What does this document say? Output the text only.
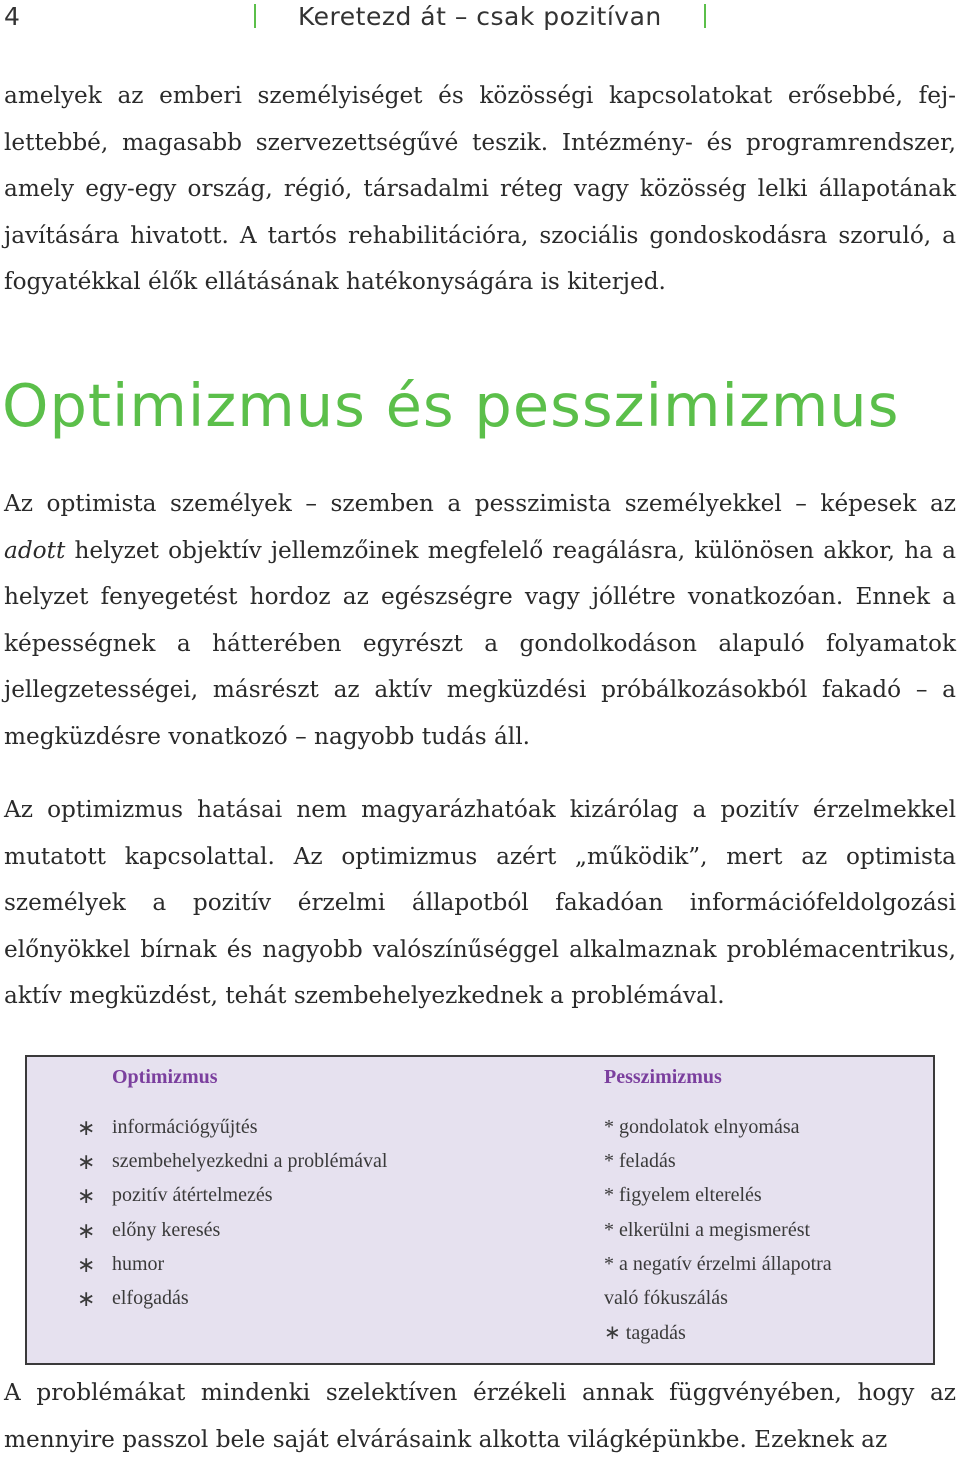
4	Keretezd át – csak pozitívan

amelyek az emberi személyiséget és közösségi kapcsolatokat erősebbé, fejlettebbé, magasabb szervezettségűvé teszik. Intézmény- és programrendszer, amely egy-egy ország, régió, társadalmi réteg vagy közösség lelki állapotának javítására hivatott. A tartós rehabilitációra, szociális gondoskodásra szoruló, a fogyatékkal élők ellátásának hatékonyságára is kiterjed.

Optimizmus és pesszimizmus

Az optimista személyek – szemben a pesszimista személyekkel – képesek az adott helyzet objektív jellemzőinek megfelelő reagálásra, különösen akkor, ha a helyzet fenyegetést hordoz az egészségre vagy jóllétre vonatkozóan. Ennek a képességnek a hátterében egyrészt a gondolkodáson alapuló folyamatok jellegzetességei, másrészt az aktív megküzdési próbálkozásokból fakadó – a megküzdésre vonatkozó – nagyobb tudás áll.

Az optimizmus hatásai nem magyarázhatóak kizárólag a pozitív érzelmekkel mutatott kapcsolattal. Az optimizmus azért „működik”, mert az optimista személyek a pozitív érzelmi állapotból fakadóan információfeldolgozási előnyökkel bírnak és nagyobb valószínűséggel alkalmaznak problémacentrikus, aktív megküzdést, tehát szembehelyezkednek a problémával.

Optimizmus
∗ információgyűjtés
∗ szembehelyezkedni a problémával
∗ pozitív átértelmezés
∗ előny keresés
∗ humor
∗ elfogadás
Pesszimizmus
* gondolatok elnyomása
* feladás
* figyelem elterelés
* elkerülni a megismerést
* a negatív érzelmi állapotra
való fókuszálás
∗ tagadás

A problémákat mindenki szelektíven érzékeli annak függvényében, hogy az mennyire passzol bele saját elvárásaink alkotta világképünkbe. Ezeknek az
